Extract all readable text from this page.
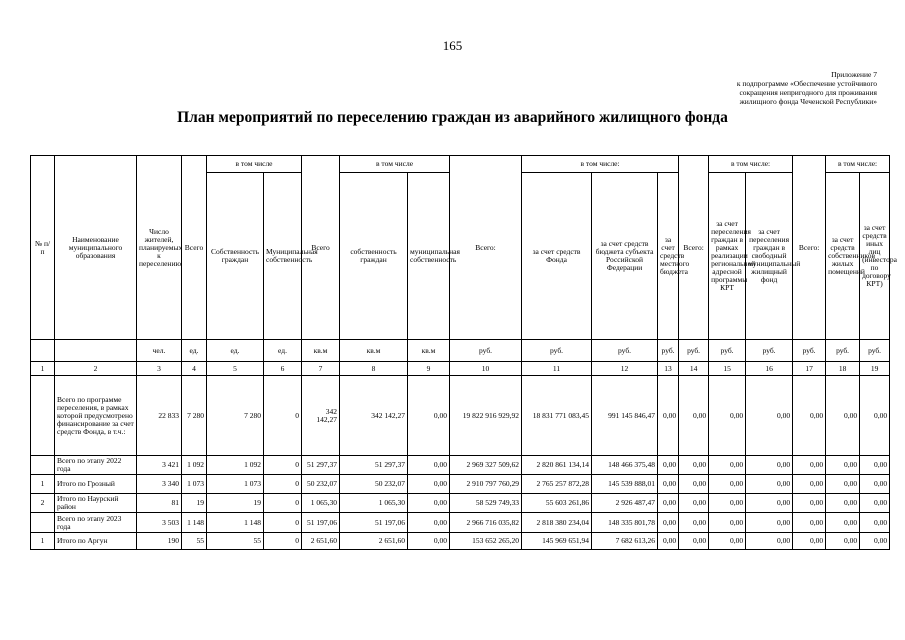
165
Приложение 7
к подпрограмме «Обеспечение устойчивого
сокращения непригодного для проживания
жилищного фонда Чеченской Республики»
План мероприятий по переселению граждан из аварийного жилищного фонда
№ п/п	Наименование муниципального образования	Число жителей, планируемых к переселению	Всего	в том числе		Всего	в том числе		Всего:	в том числе:			Всего:	в том числе:		Всего:	в том числе:	
				Собственность граждан	Муниципальная собственность		собственность граждан	муниципальная собственность		за счет средств Фонда	за счет средств бюджета субъекта Российской Федерации	за счет средств местного бюджета		за счет переселения граждан в рамках реализации региональной адресной программы КРТ	за счет переселения граждан в свободный муниципальный жилищный фонд		за счет средств собственников жилых помещений	за счет средств иных лиц (инвестора по договору КРТ)
		чел.	ед.	ед.	ед.	кв.м	кв.м	кв.м	руб.	руб.	руб.	руб.	руб.	руб.	руб.	руб.	руб.	руб.
1	2	3	4	5	6	7	8	9	10	11	12	13	14	15	16	17	18	19
	Всего по программе переселения, в рамках которой предусмотрено финансирование за счет средств Фонда, в т.ч.:	22 833	7 280	7 280	0	342 142,27	342 142,27	0,00	19 822 916 929,92	18 831 771 083,45	991 145 846,47	0,00	0,00	0,00	0,00	0,00	0,00	0,00
	Всего по этапу 2022 года	3 421	1 092	1 092	0	51 297,37	51 297,37	0,00	2 969 327 509,62	2 820 861 134,14	148 466 375,48	0,00	0,00	0,00	0,00	0,00	0,00	0,00
1	Итого по Грозный	3 340	1 073	1 073	0	50 232,07	50 232,07	0,00	2 910 797 760,29	2 765 257 872,28	145 539 888,01	0,00	0,00	0,00	0,00	0,00	0,00	0,00
2	Итого по Наурский район	81	19	19	0	1 065,30	1 065,30	0,00	58 529 749,33	55 603 261,86	2 926 487,47	0,00	0,00	0,00	0,00	0,00	0,00	0,00
	Всего по этапу 2023 года	3 503	1 148	1 148	0	51 197,06	51 197,06	0,00	2 966 716 035,82	2 818 380 234,04	148 335 801,78	0,00	0,00	0,00	0,00	0,00	0,00	0,00
1	Итого по Аргун	190	55	55	0	2 651,60	2 651,60	0,00	153 652 265,20	145 969 651,94	7 682 613,26	0,00	0,00	0,00	0,00	0,00	0,00	0,00
